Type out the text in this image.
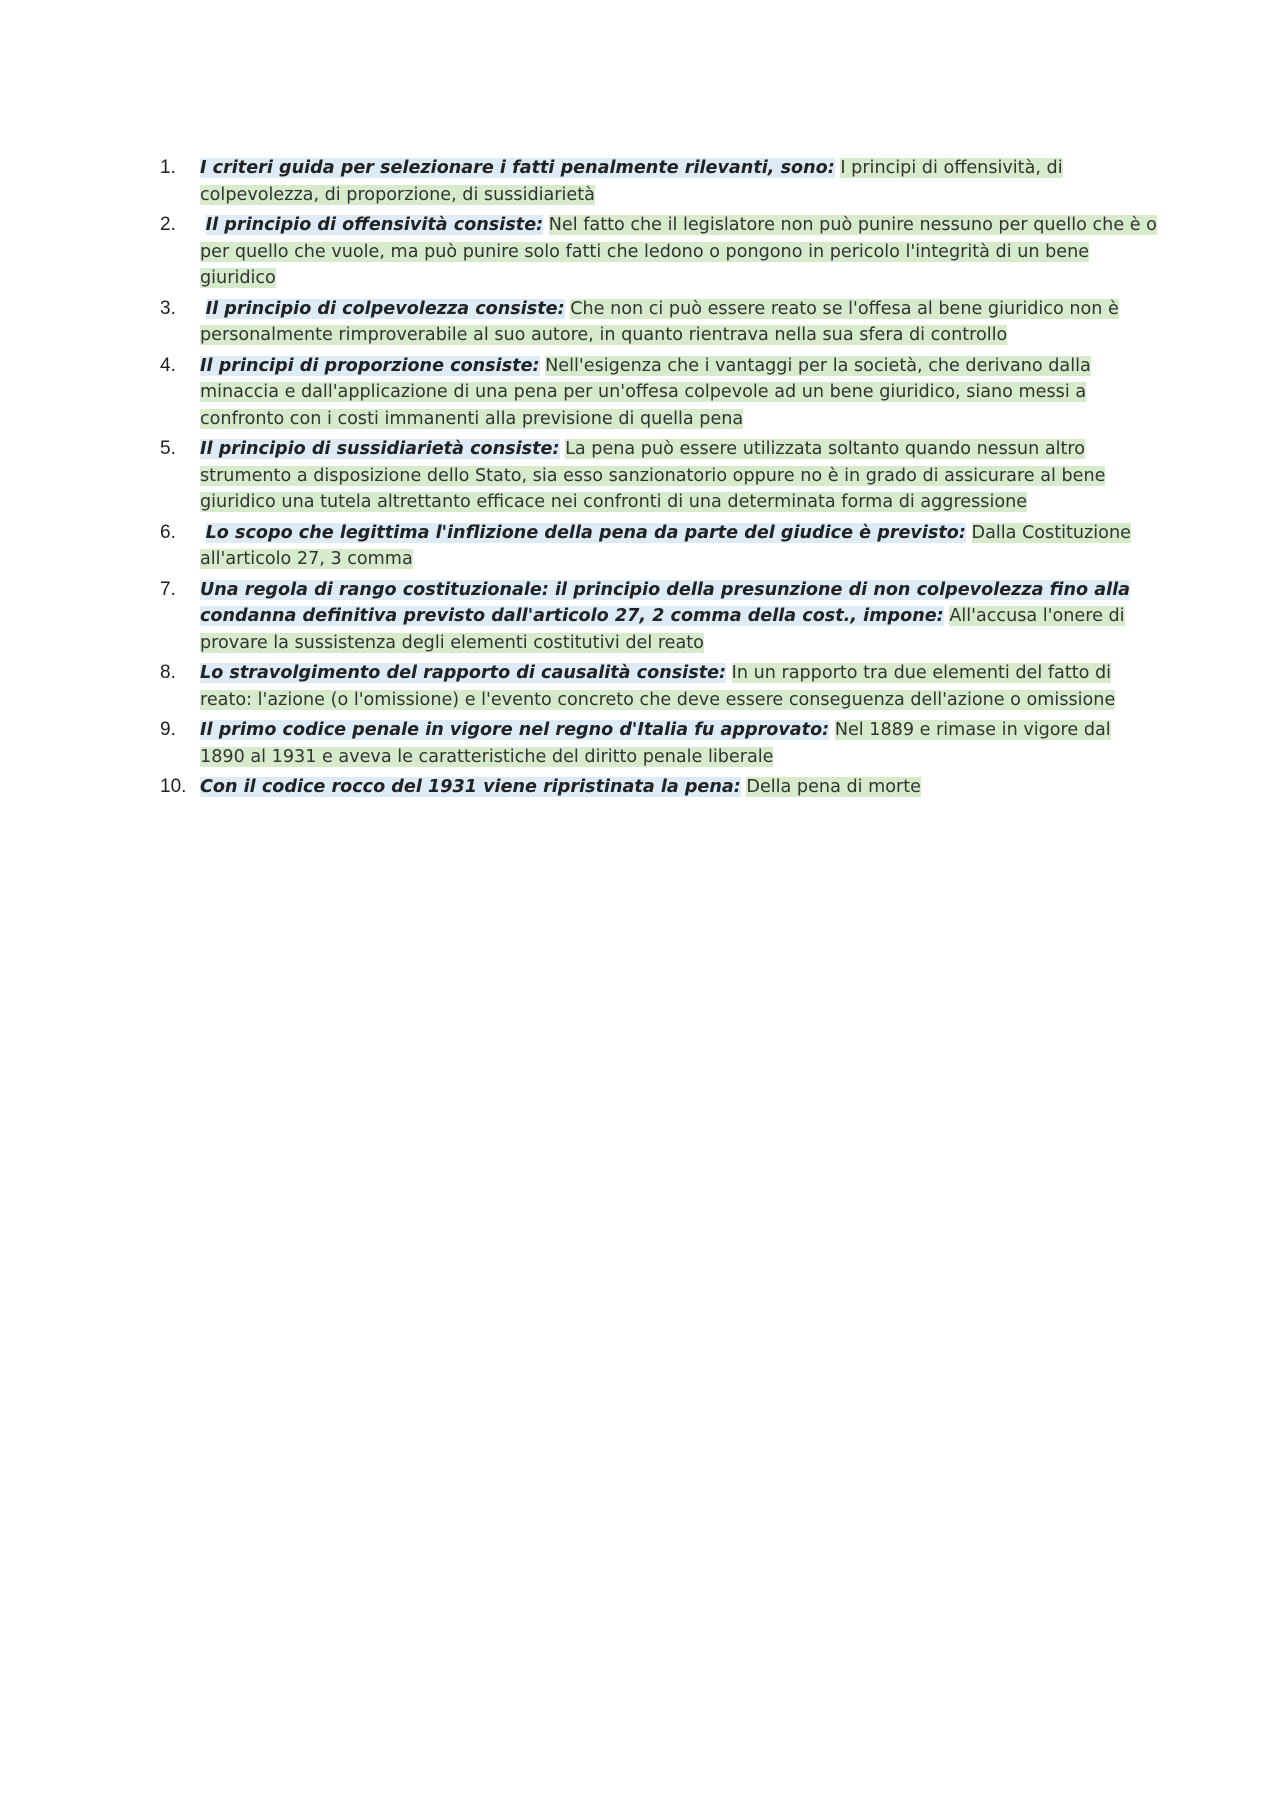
1.	I criteri guida per selezionare i fatti penalmente rilevanti, sono: I principi di offensività, di colpevolezza, di proporzione, di sussidiarietà
2.	Il principio di offensività consiste: Nel fatto che il legislatore non può punire nessuno per quello che è o per quello che vuole, ma può punire solo fatti che ledono o pongono in pericolo l'integrità di un bene giuridico
3.	Il principio di colpevolezza consiste: Che non ci può essere reato se l'offesa al bene giuridico non è personalmente rimproverabile al suo autore, in quanto rientrava nella sua sfera di controllo
4.	Il principi di proporzione consiste: Nell'esigenza che i vantaggi per la società, che derivano dalla minaccia e dall'applicazione di una pena per un'offesa colpevole ad un bene giuridico, siano messi a confronto con i costi immanenti alla previsione di quella pena
5.	Il principio di sussidiarietà consiste: La pena può essere utilizzata soltanto quando nessun altro strumento a disposizione dello Stato, sia esso sanzionatorio oppure no è in grado di assicurare al bene giuridico una tutela altrettanto efficace nei confronti di una determinata forma di aggressione
6.	Lo scopo che legittima l'inflizione della pena da parte del giudice è previsto: Dalla Costituzione all'articolo 27, 3 comma
7.	Una regola di rango costituzionale: il principio della presunzione di non colpevolezza fino alla condanna definitiva previsto dall'articolo 27, 2 comma della cost., impone: All'accusa l'onere di provare la sussistenza degli elementi costitutivi del reato
8.	Lo stravolgimento del rapporto di causalità consiste: In un rapporto tra due elementi del fatto di reato: l'azione (o l'omissione) e l'evento concreto che deve essere conseguenza dell'azione o omissione
9.	Il primo codice penale in vigore nel regno d'Italia fu approvato: Nel 1889 e rimase in vigore dal 1890 al 1931 e aveva le caratteristiche del diritto penale liberale
10. Con il codice rocco del 1931 viene ripristinata la pena: Della pena di morte
